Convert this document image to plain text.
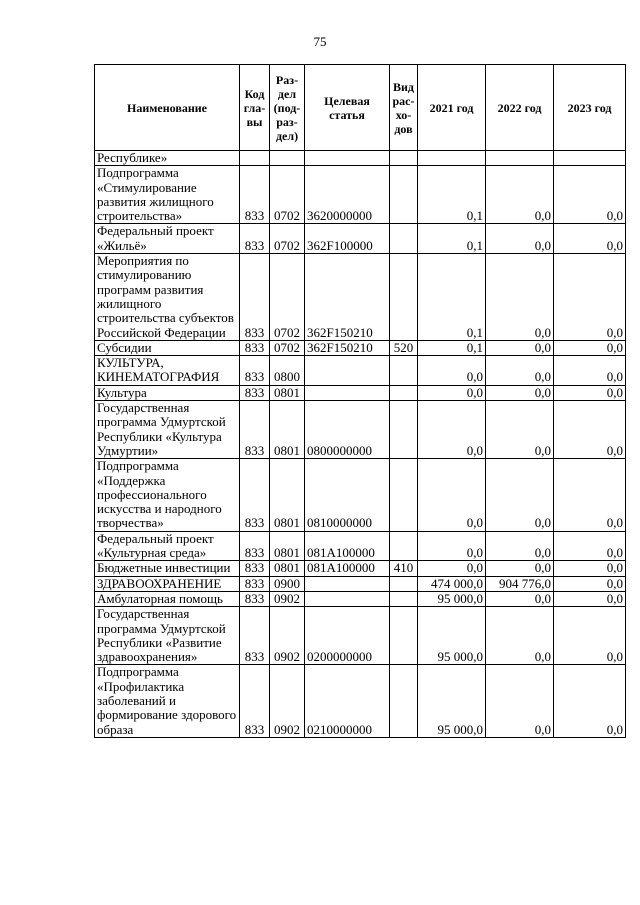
75
Наименование	Код гла-вы	Раз-дел (под-раз-дел)	Целевая статья	Вид рас-хо-дов	2021 год	2022 год	2023 год
Республике»							
Подпрограмма «Стимулирование развития жилищного строительства»	833	0702	3620000000		0,1	0,0	0,0
Федеральный проект «Жильё»	833	0702	362F100000		0,1	0,0	0,0
Мероприятия по стимулированию программ развития жилищного строительства субъектов Российской Федерации	833	0702	362F150210		0,1	0,0	0,0
Субсидии	833	0702	362F150210	520	0,1	0,0	0,0
КУЛЬТУРА, КИНЕМАТОГРАФИЯ	833	0800			0,0	0,0	0,0
Культура	833	0801			0,0	0,0	0,0
Государственная программа Удмуртской Республики «Культура Удмуртии»	833	0801	0800000000		0,0	0,0	0,0
Подпрограмма «Поддержка профессионального искусства и народного творчества»	833	0801	0810000000		0,0	0,0	0,0
Федеральный проект «Культурная среда»	833	0801	081A100000		0,0	0,0	0,0
Бюджетные инвестиции	833	0801	081A100000	410	0,0	0,0	0,0
ЗДРАВООХРАНЕНИЕ	833	0900			474 000,0	904 776,0	0,0
Амбулаторная помощь	833	0902			95 000,0	0,0	0,0
Государственная программа Удмуртской Республики «Развитие здравоохранения»	833	0902	0200000000		95 000,0	0,0	0,0
Подпрограмма «Профилактика заболеваний и формирование здорового образа	833	0902	0210000000		95 000,0	0,0	0,0
